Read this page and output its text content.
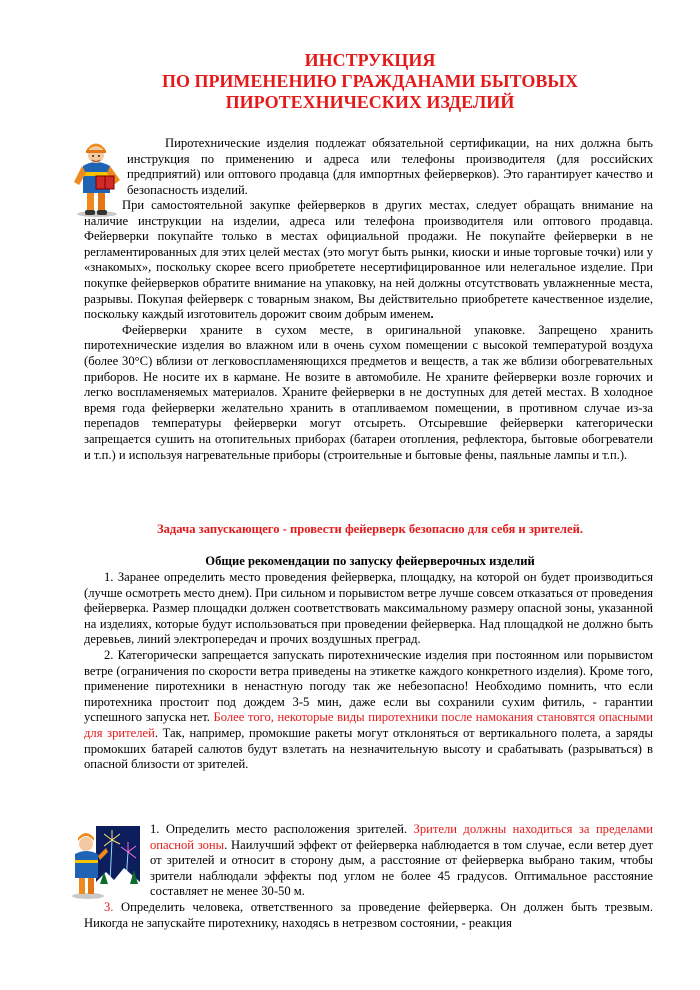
ИНСТРУКЦИЯ
ПО ПРИМЕНЕНИЮ ГРАЖДАНАМИ БЫТОВЫХ
ПИРОТЕХНИЧЕСКИХ ИЗДЕЛИЙ

Пиротехнические изделия подлежат обязательной сертификации, на них должна быть инструкция по применению и адреса или телефоны производителя (для российских предприятий) или оптового продавца (для импортных фейерверков). Это гарантирует качество и безопасность изделий.

При самостоятельной закупке фейерверков в других местах, следует обращать внимание на наличие инструкции на изделии, адреса или телефона производителя или оптового продавца. Фейерверки покупайте только в местах официальной продажи. Не покупайте фейерверки в не регламентированных для этих целей местах (это могут быть рынки, киоски и иные торговые точки) или у «знакомых», поскольку скорее всего приобретете несертифицированное или нелегальное изделие. При покупке фейерверков обратите внимание на упаковку, на ней должны отсутствовать увлажненные места, разрывы. Покупая фейерверк с товарным знаком, Вы действительно приобретете качественное изделие, поскольку каждый изготовитель дорожит своим добрым именем.

Фейерверки храните в сухом месте, в оригинальной упаковке. Запрещено хранить пиротехнические изделия во влажном или в очень сухом помещении с высокой температурой воздуха (более 30°С) вблизи от легковоспламеняющихся предметов и веществ, а так же вблизи обогревательных приборов. Не носите их в кармане. Не возите в автомобиле. Не храните фейерверки возле горючих и легко воспламеняемых материалов. Храните фейерверки в не доступных для детей местах. В холодное время года фейерверки желательно хранить в отапливаемом помещении, в противном случае из-за перепадов температуры фейерверки могут отсыреть. Отсыревшие фейерверки категорически запрещается сушить на отопительных приборах (батареи отопления, рефлектора, бытовые обогреватели и т.п.) и используя нагревательные приборы (строительные и бытовые фены, паяльные лампы и т.п.).

Задача запускающего - провести фейерверк безопасно для себя и зрителей.
Общие рекомендации по запуску фейерверочных изделий

1. Заранее определить место проведения фейерверка, площадку, на которой он будет производиться (лучше осмотреть место днем). При сильном и порывистом ветре лучше совсем отказаться от проведения фейерверка. Размер площадки должен соответствовать максимальному размеру опасной зоны, указанной на изделиях, которые будут использоваться при проведении фейерверка. Над площадкой не должно быть деревьев, линий электропередач и прочих воздушных преград.

2. Категорически запрещается запускать пиротехнические изделия при постоянном или порывистом ветре (ограничения по скорости ветра приведены на этикетке каждого конкретного изделия). Кроме того, применение пиротехники в ненастную погоду так же небезопасно! Необходимо помнить, что если пиротехника простоит под дождем 3-5 мин, даже если вы сохранили сухим фитиль, - гарантии успешного запуска нет. Более того, некоторые виды пиротехники после намокания становятся опасными для зрителей. Так, например, промокшие ракеты могут отклоняться от вертикального полета, а заряды промокших батарей салютов будут взлетать на незначительную высоту и срабатывать (разрываться) в опасной близости от зрителей.

1. Определить место расположения зрителей. Зрители должны находиться за пределами опасной зоны. Наилучший эффект от фейерверка наблюдается в том случае, если ветер дует от зрителей и относит в сторону дым, а расстояние от фейерверка выбрано таким, чтобы зрители наблюдали эффекты под углом не более 45 градусов. Оптимальное расстояние составляет не менее 30-50 м.

3. Определить человека, ответственного за проведение фейерверка. Он должен быть трезвым. Никогда не запускайте пиротехнику, находясь в нетрезвом состоянии, - реакция
